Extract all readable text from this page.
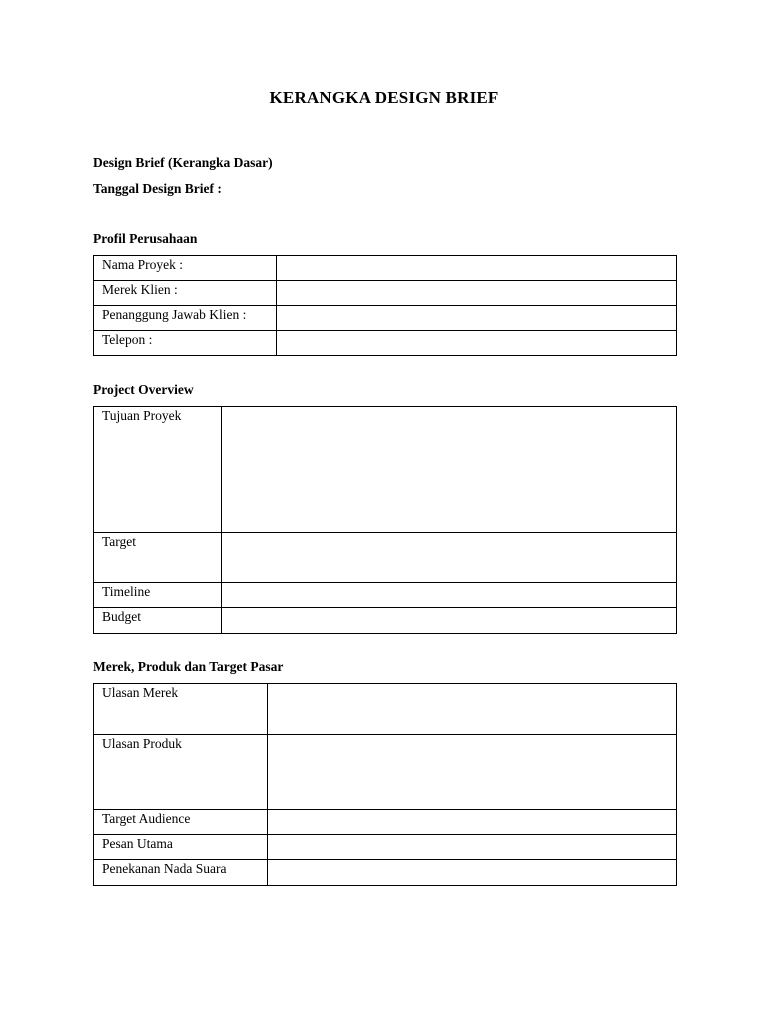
KERANGKA DESIGN BRIEF
Design Brief (Kerangka Dasar)
Tanggal Design Brief :
Profil Perusahaan
Nama Proyek :	
Merek Klien :	
Penanggung Jawab Klien :	
Telepon :	
Project Overview
Tujuan Proyek	
Target	
Timeline	
Budget	
Merek, Produk dan Target Pasar
Ulasan Merek	
Ulasan Produk	
Target Audience	
Pesan Utama	
Penekanan Nada Suara	
